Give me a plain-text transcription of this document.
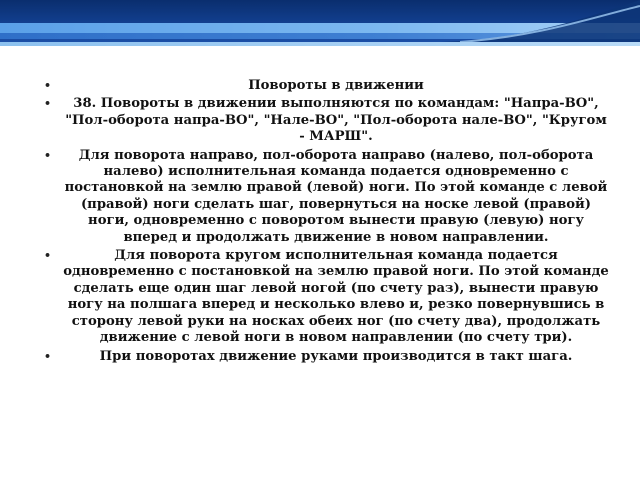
•	Повороты в движении
• 38. Повороты в движении выполняются по командам: "Напра-ВО", "Пол-оборота напра-ВО", "Нале-ВО", "Пол-оборота нале-ВО", "Кругом - МАРШ".
• Для поворота направо, пол-оборота направо (налево, пол-оборота налево) исполнительная команда подается одновременно с постановкой на землю правой (левой) ноги. По этой команде с левой (правой) ноги сделать шаг, повернуться на носке левой (правой) ноги, одновременно с поворотом вынести правую (левую) ногу вперед и продолжать движение в новом направлении.
•	Для поворота кругом исполнительная команда подается одновременно с постановкой на землю правой ноги. По этой команде сделать еще один шаг левой ногой (по счету раз), вынести правую ногу на полшага вперед и несколько влево и, резко повернувшись в сторону левой руки на носках обеих ног (по счету два), продолжать движение с левой ноги в новом направлении (по счету три).
•	При поворотах движение руками производится в такт шага.
